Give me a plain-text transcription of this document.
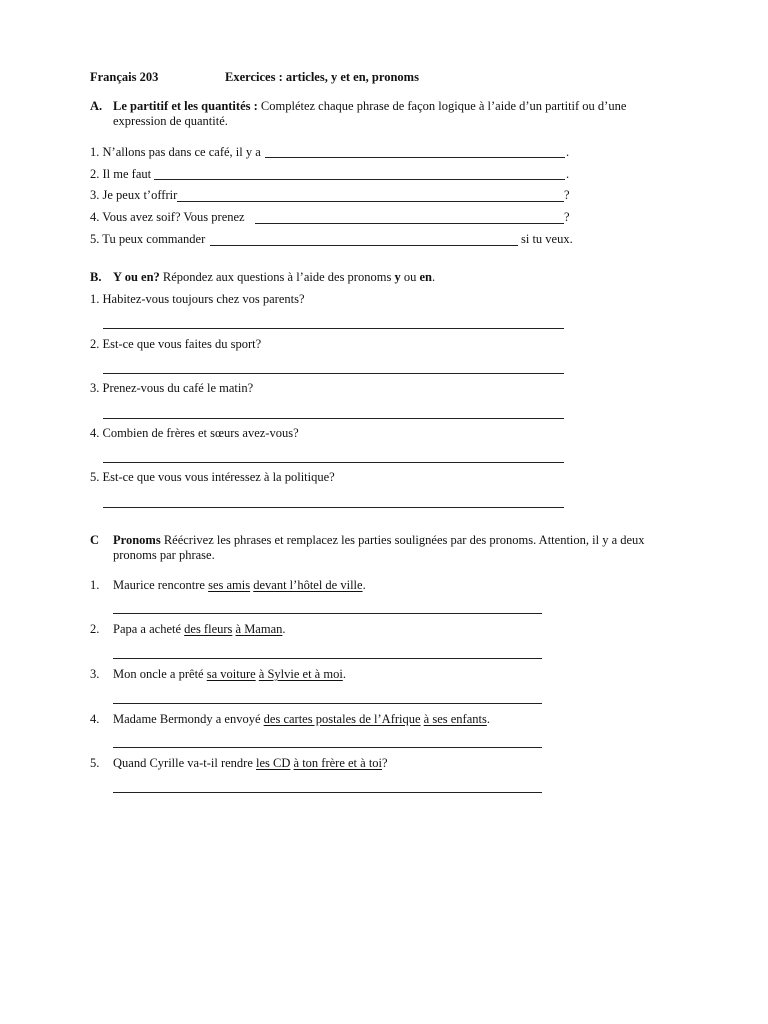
Français 203	Exercices : articles, y et en, pronoms
A. Le partitif et les quantités : Complétez chaque phrase de façon logique à l’aide d’un partitif ou d’une
expression de quantité.
1. N’allons pas dans ce café, il y a	.
2. Il me faut	.
3. Je peux t’offrir	?
4. Vous avez soif? Vous prenez	?
5. Tu peux commander	si tu veux.
B. Y ou en? Répondez aux questions à l’aide des pronoms y ou en.
1. Habitez-vous toujours chez vos parents?
2. Est-ce que vous faites du sport?
3. Prenez-vous du café le matin?
4. Combien de frères et sœurs avez-vous?
5. Est-ce que vous vous intéressez à la politique?
C Pronoms Réécrivez les phrases et remplacez les parties soulignées par des pronoms. Attention, il y a deux
pronoms par phrase.
1. Maurice rencontre ses amis devant l’hôtel de ville.
2. Papa a acheté des fleurs à Maman.
3. Mon oncle a prêté sa voiture à Sylvie et à moi.
4. Madame Bermondy a envoyé des cartes postales de l’Afrique à ses enfants.
5. Quand Cyrille va-t-il rendre les CD à ton frère et à toi?
